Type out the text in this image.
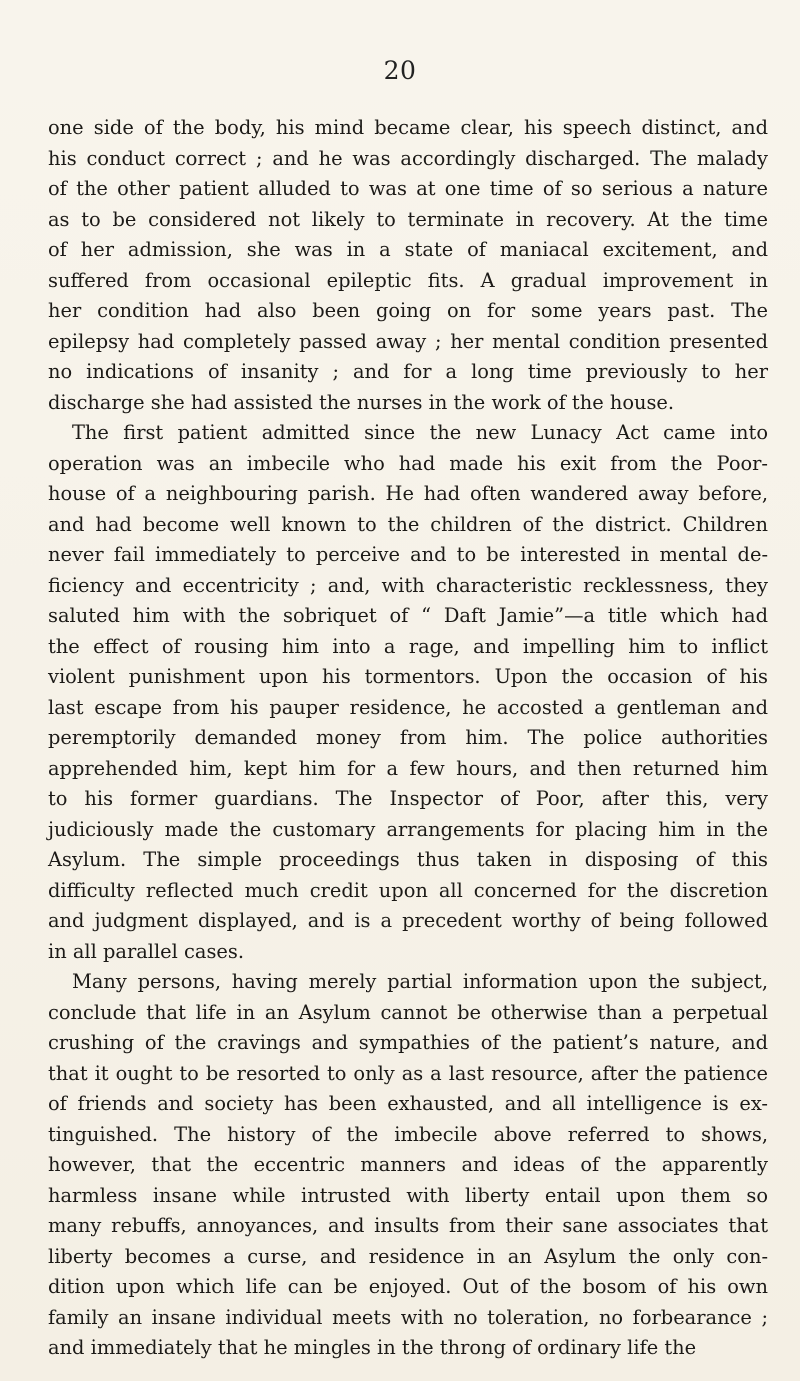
20
one side of the body, his mind became clear, his speech distinct, and
his conduct correct ; and he was accordingly discharged. The malady
of the other patient alluded to was at one time of so serious a nature
as to be considered not likely to terminate in recovery. At the time
of her admission, she was in a state of maniacal excitement, and
suffered from occasional epileptic fits. A gradual improvement in
her condition had also been going on for some years past. The
epilepsy had completely passed away ; her mental condition presented
no indications of insanity ; and for a long time previously to her
discharge she had assisted the nurses in the work of the house.
The first patient admitted since the new Lunacy Act came into
operation was an imbecile who had made his exit from the Poor-
house of a neighbouring parish. He had often wandered away before,
and had become well known to the children of the district. Children
never fail immediately to perceive and to be interested in mental de-
ficiency and eccentricity ; and, with characteristic recklessness, they
saluted him with the sobriquet of “ Daft Jamie”—a title which had
the effect of rousing him into a rage, and impelling him to inflict
violent punishment upon his tormentors. Upon the occasion of his
last escape from his pauper residence, he accosted a gentleman and
peremptorily demanded money from him. The police authorities
apprehended him, kept him for a few hours, and then returned him
to his former guardians. The Inspector of Poor, after this, very
judiciously made the customary arrangements for placing him in the
Asylum. The simple proceedings thus taken in disposing of this
difficulty reflected much credit upon all concerned for the discretion
and judgment displayed, and is a precedent worthy of being followed
in all parallel cases.
Many persons, having merely partial information upon the subject,
conclude that life in an Asylum cannot be otherwise than a perpetual
crushing of the cravings and sympathies of the patient’s nature, and
that it ought to be resorted to only as a last resource, after the patience
of friends and society has been exhausted, and all intelligence is ex-
tinguished. The history of the imbecile above referred to shows,
however, that the eccentric manners and ideas of the apparently
harmless insane while intrusted with liberty entail upon them so
many rebuffs, annoyances, and insults from their sane associates that
liberty becomes a curse, and residence in an Asylum the only con-
dition upon which life can be enjoyed. Out of the bosom of his own
family an insane individual meets with no toleration, no forbearance ;
and immediately that he mingles in the throng of ordinary life the
